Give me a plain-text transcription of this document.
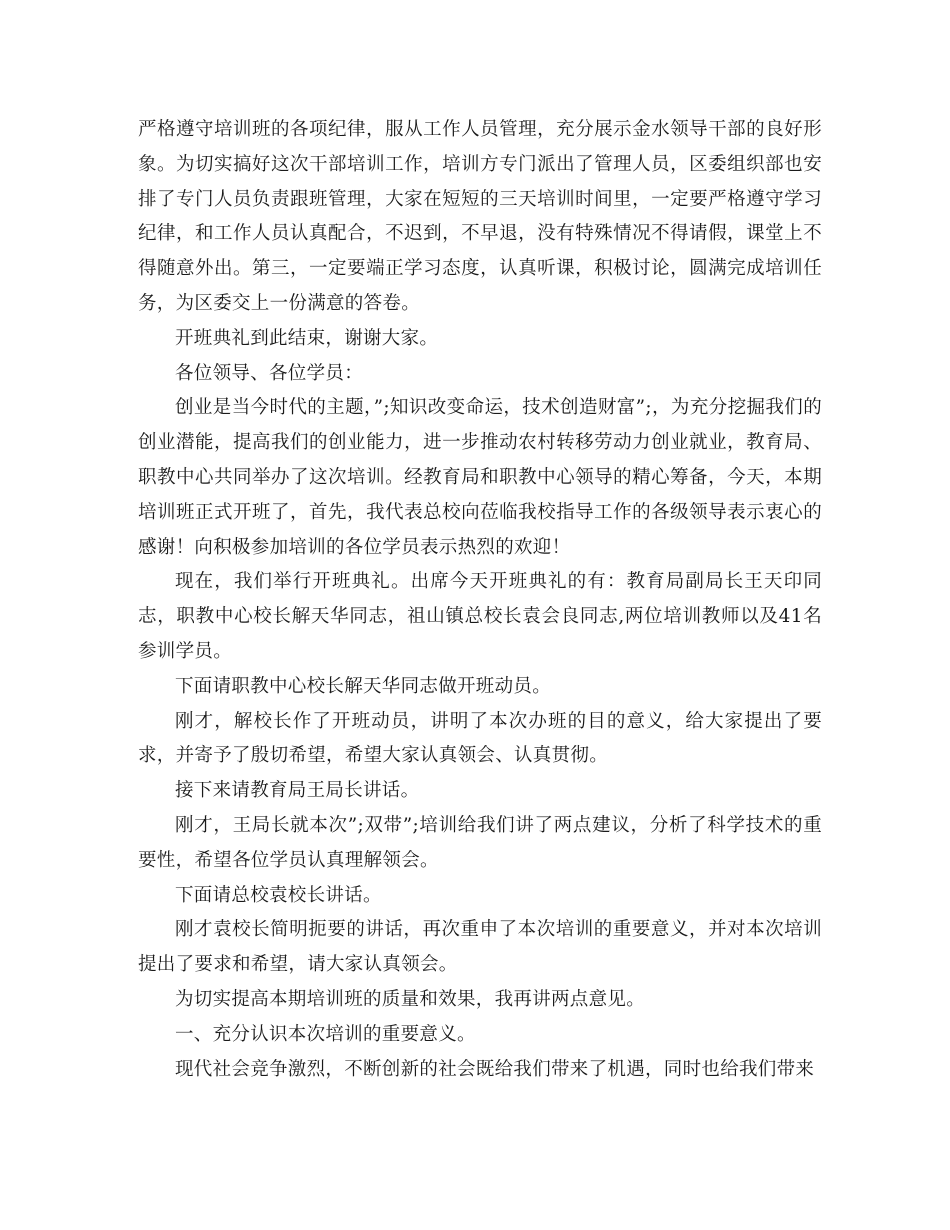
严格遵守培训班的各项纪律，服从工作人员管理，充分展示金水领导干部的良好形象。为切实搞好这次干部培训工作，培训方专门派出了管理人员，区委组织部也安排了专门人员负责跟班管理，大家在短短的三天培训时间里，一定要严格遵守学习纪律，和工作人员认真配合，不迟到，不早退，没有特殊情况不得请假，课堂上不得随意外出。第三，一定要端正学习态度，认真听课，积极讨论，圆满完成培训任务，为区委交上一份满意的答卷。

开班典礼到此结束，谢谢大家。

各位领导、各位学员：

创业是当今时代的主题，”;知识改变命运，技术创造财富”;，为充分挖掘我们的创业潜能，提高我们的创业能力，进一步推动农村转移劳动力创业就业，教育局、职教中心共同举办了这次培训。经教育局和职教中心领导的精心筹备，今天，本期培训班正式开班了，首先，我代表总校向莅临我校指导工作的各级领导表示衷心的感谢！向积极参加培训的各位学员表示热烈的欢迎！

现在，我们举行开班典礼。出席今天开班典礼的有：教育局副局长王天印同志，职教中心校长解天华同志，祖山镇总校长袁会良同志,两位培训教师以及41名参训学员。

下面请职教中心校长解天华同志做开班动员。

刚才，解校长作了开班动员，讲明了本次办班的目的意义，给大家提出了要求，并寄予了殷切希望，希望大家认真领会、认真贯彻。

接下来请教育局王局长讲话。

刚才，王局长就本次”;双带”;培训给我们讲了两点建议，分析了科学技术的重要性，希望各位学员认真理解领会。

下面请总校袁校长讲话。

刚才袁校长简明扼要的讲话，再次重申了本次培训的重要意义，并对本次培训提出了要求和希望，请大家认真领会。

为切实提高本期培训班的质量和效果，我再讲两点意见。

一、充分认识本次培训的重要意义。

现代社会竞争激烈，不断创新的社会既给我们带来了机遇，同时也给我们带来
